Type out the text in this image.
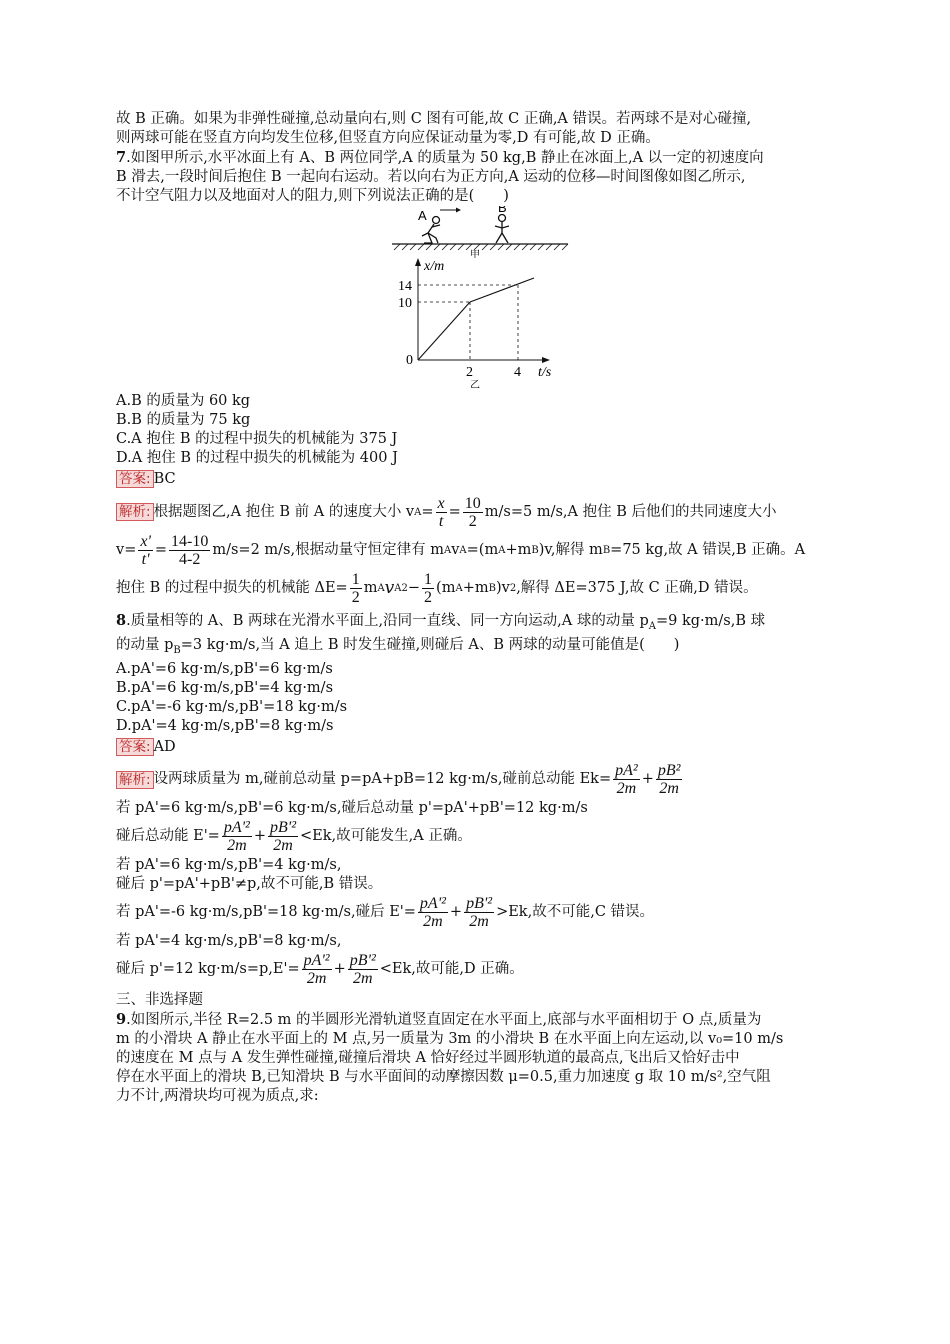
故 B 正确。如果为非弹性碰撞,总动量向右,则 C 图有可能,故 C 正确,A 错误。若两球不是对心碰撞,
则两球可能在竖直方向均发生位移,但竖直方向应保证动量为零,D 有可能,故 D 正确。
7.如图甲所示,水平冰面上有 A、B 两位同学,A 的质量为 50 kg,B 静止在冰面上,A 以一定的初速度向
B 滑去,一段时间后抱住 B 一起向右运动。若以向右为正方向,A 运动的位移—时间图像如图乙所示,
不计空气阻力以及地面对人的阻力,则下列说法正确的是(　　)
A
B
甲
x/m
14
10
0
2	4 t/s
乙
A.B 的质量为 60 kg
B.B 的质量为 75 kg
C.A 抱住 B 的过程中损失的机械能为 375 J
D.A 抱住 B 的过程中损失的机械能为 400 J
答案: BC
解析: 根据题图乙,A 抱住 B 前 A 的速度大小 v $A = \frac{x}{t} = \frac{10}{2} m/s=5$ m/s,A 抱住 B 后他们的共同速度大小
$v= \frac{x'}{t'} = \frac{14-10}{4-2} m/s=2$ m/s,根据动量守恒定律有 m A v A =(m A +m B )v,解得 m B =75 kg,故 A 错误,B 正确。A
抱住 B 的过程中损失的机械能 $\Delta E= \frac{1}{2}$ m A v A $2 - \frac{1}{2} (m$ A +m B )v 2 ,解得 ΔE=375 J,故 C 正确,D 错误。
8.质量相等的 A、B 两球在光滑水平面上,沿同一直线、同一方向运动,A 球的动量 $p_A=9$ kg·m/s,B 球
的动量 $p_B=3$ kg·m/s,当 A 追上 B 时发生碰撞,则碰后 A、B 两球的动量可能值是(　　)
A.pA'=6 kg·m/s,pB'=6 kg·m/s
B.pA'=6 kg·m/s,pB'=4 kg·m/s
C.pA'=-6 kg·m/s,pB'=18 kg·m/s
D.pA'=4 kg·m/s,pB'=8 kg·m/s
答案: AD
解析: 设两球质量为 m,碰前总动量 p=pA+pB=12 kg·m/s,碰前总动能 $Ek= \frac{\text{pA²}}{2m} + \frac{\text{pB²}}{2m}$
若 pA'=6 kg·m/s,pB'=6 kg·m/s,碰后总动量 p'=pA'+pB'=12 kg·m/s
碰后总动能 $E'= \frac{\text{pA'²}}{2m} + \frac{\text{pB'²}}{2m} <Ek$,故可能发生,A 正确。
若 pA'=6 kg·m/s,pB'=4 kg·m/s,
碰后 p'=pA'+pB'≠p,故不可能,B 错误。
若 pA'=-6 kg·m/s,pB'=18 kg·m/s,碰后 $E'= \frac{\text{pA'²}}{2m} + \frac{\text{pB'²}}{2m} >Ek$,故不可能,C 错误。
若 pA'=4 kg·m/s,pB'=8 kg·m/s,
碰后 p'=12 $kg\cdot m/s=p,E'= \frac{\text{pA'²}}{2m} + \frac{\text{pB'²}}{2m} <Ek$,故可能,D 正确。
三、非选择题
9.如图所示,半径 R=2.5 m 的半圆形光滑轨道竖直固定在水平面上,底部与水平面相切于 O 点,质量为
m 的小滑块 A 静止在水平面上的 M 点,另一质量为 3m 的小滑块 B 在水平面上向左运动,以 v₀=10 m/s
的速度在 M 点与 A 发生弹性碰撞,碰撞后滑块 A 恰好经过半圆形轨道的最高点,飞出后又恰好击中
停在水平面上的滑块 B,已知滑块 B 与水平面间的动摩擦因数 μ=0.5,重力加速度 g 取 10 m/s²,空气阻
力不计,两滑块均可视为质点,求:
